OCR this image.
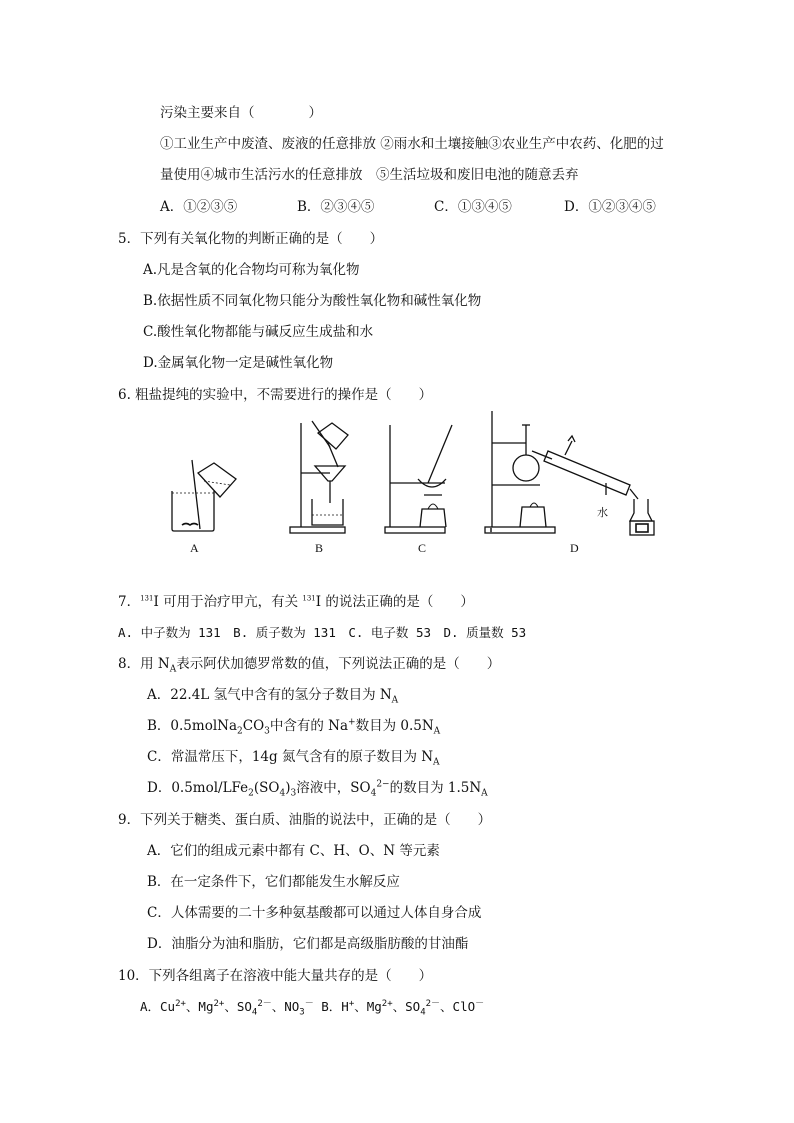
污染主要来自（　　　　）
①工业生产中废渣、废液的任意排放 ②雨水和土壤接触③农业生产中农药、化肥的过
量使用④城市生活污水的任意排放　⑤生活垃圾和废旧电池的随意丢弃
A．①②③⑤	B．②③④⑤	C．①③④⑤	D．①②③④⑤
5．下列有关氧化物的判断正确的是（　　）
A.凡是含氧的化合物均可称为氧化物
B.依据性质不同氧化物只能分为酸性氧化物和碱性氧化物
C.酸性氧化物都能与碱反应生成盐和水
D.金属氧化物一定是碱性氧化物
6. 粗盐提纯的实验中，不需要进行的操作是（　　）
A	B	C	D
水
7．$^{131}$I 可用于治疗甲亢，有关 $^{131}$I 的说法正确的是（　　）
A. 中子数为 131　B. 质子数为 131　C. 电子数 53　D. 质量数 53
8．用 $N_A$表示阿伏加德罗常数的值，下列说法正确的是（　　）
A．22.4L 氢气中含有的氢分子数目为 $N_A$
B．$0.5molNa_2CO_3$中含有的 Na+数目为 $0.5N_A$
C．常温常压下，14g 氮气含有的原子数目为 $N_A$
D．$0.5mol/LFe_2(SO_4)_3$溶液中，$SO_4^{2-}$的数目为 $1.5N_A$
9．下列关于糖类、蛋白质、油脂的说法中，正确的是（　　）
A．它们的组成元素中都有 C、H、O、N 等元素
B．在一定条件下，它们都能发生水解反应
C．人体需要的二十多种氨基酸都可以通过人体自身合成
D．油脂分为油和脂肪，它们都是高级脂肪酸的甘油酯
10．下列各组离子在溶液中能大量共存的是（　　）
A．$Cu^{2+}$、$Mg^{2+}$、$SO_4^{2-}$、$NO_3^-$ B．H+、$Mg^{2+}$、$SO_4^{2-}$、ClO－
